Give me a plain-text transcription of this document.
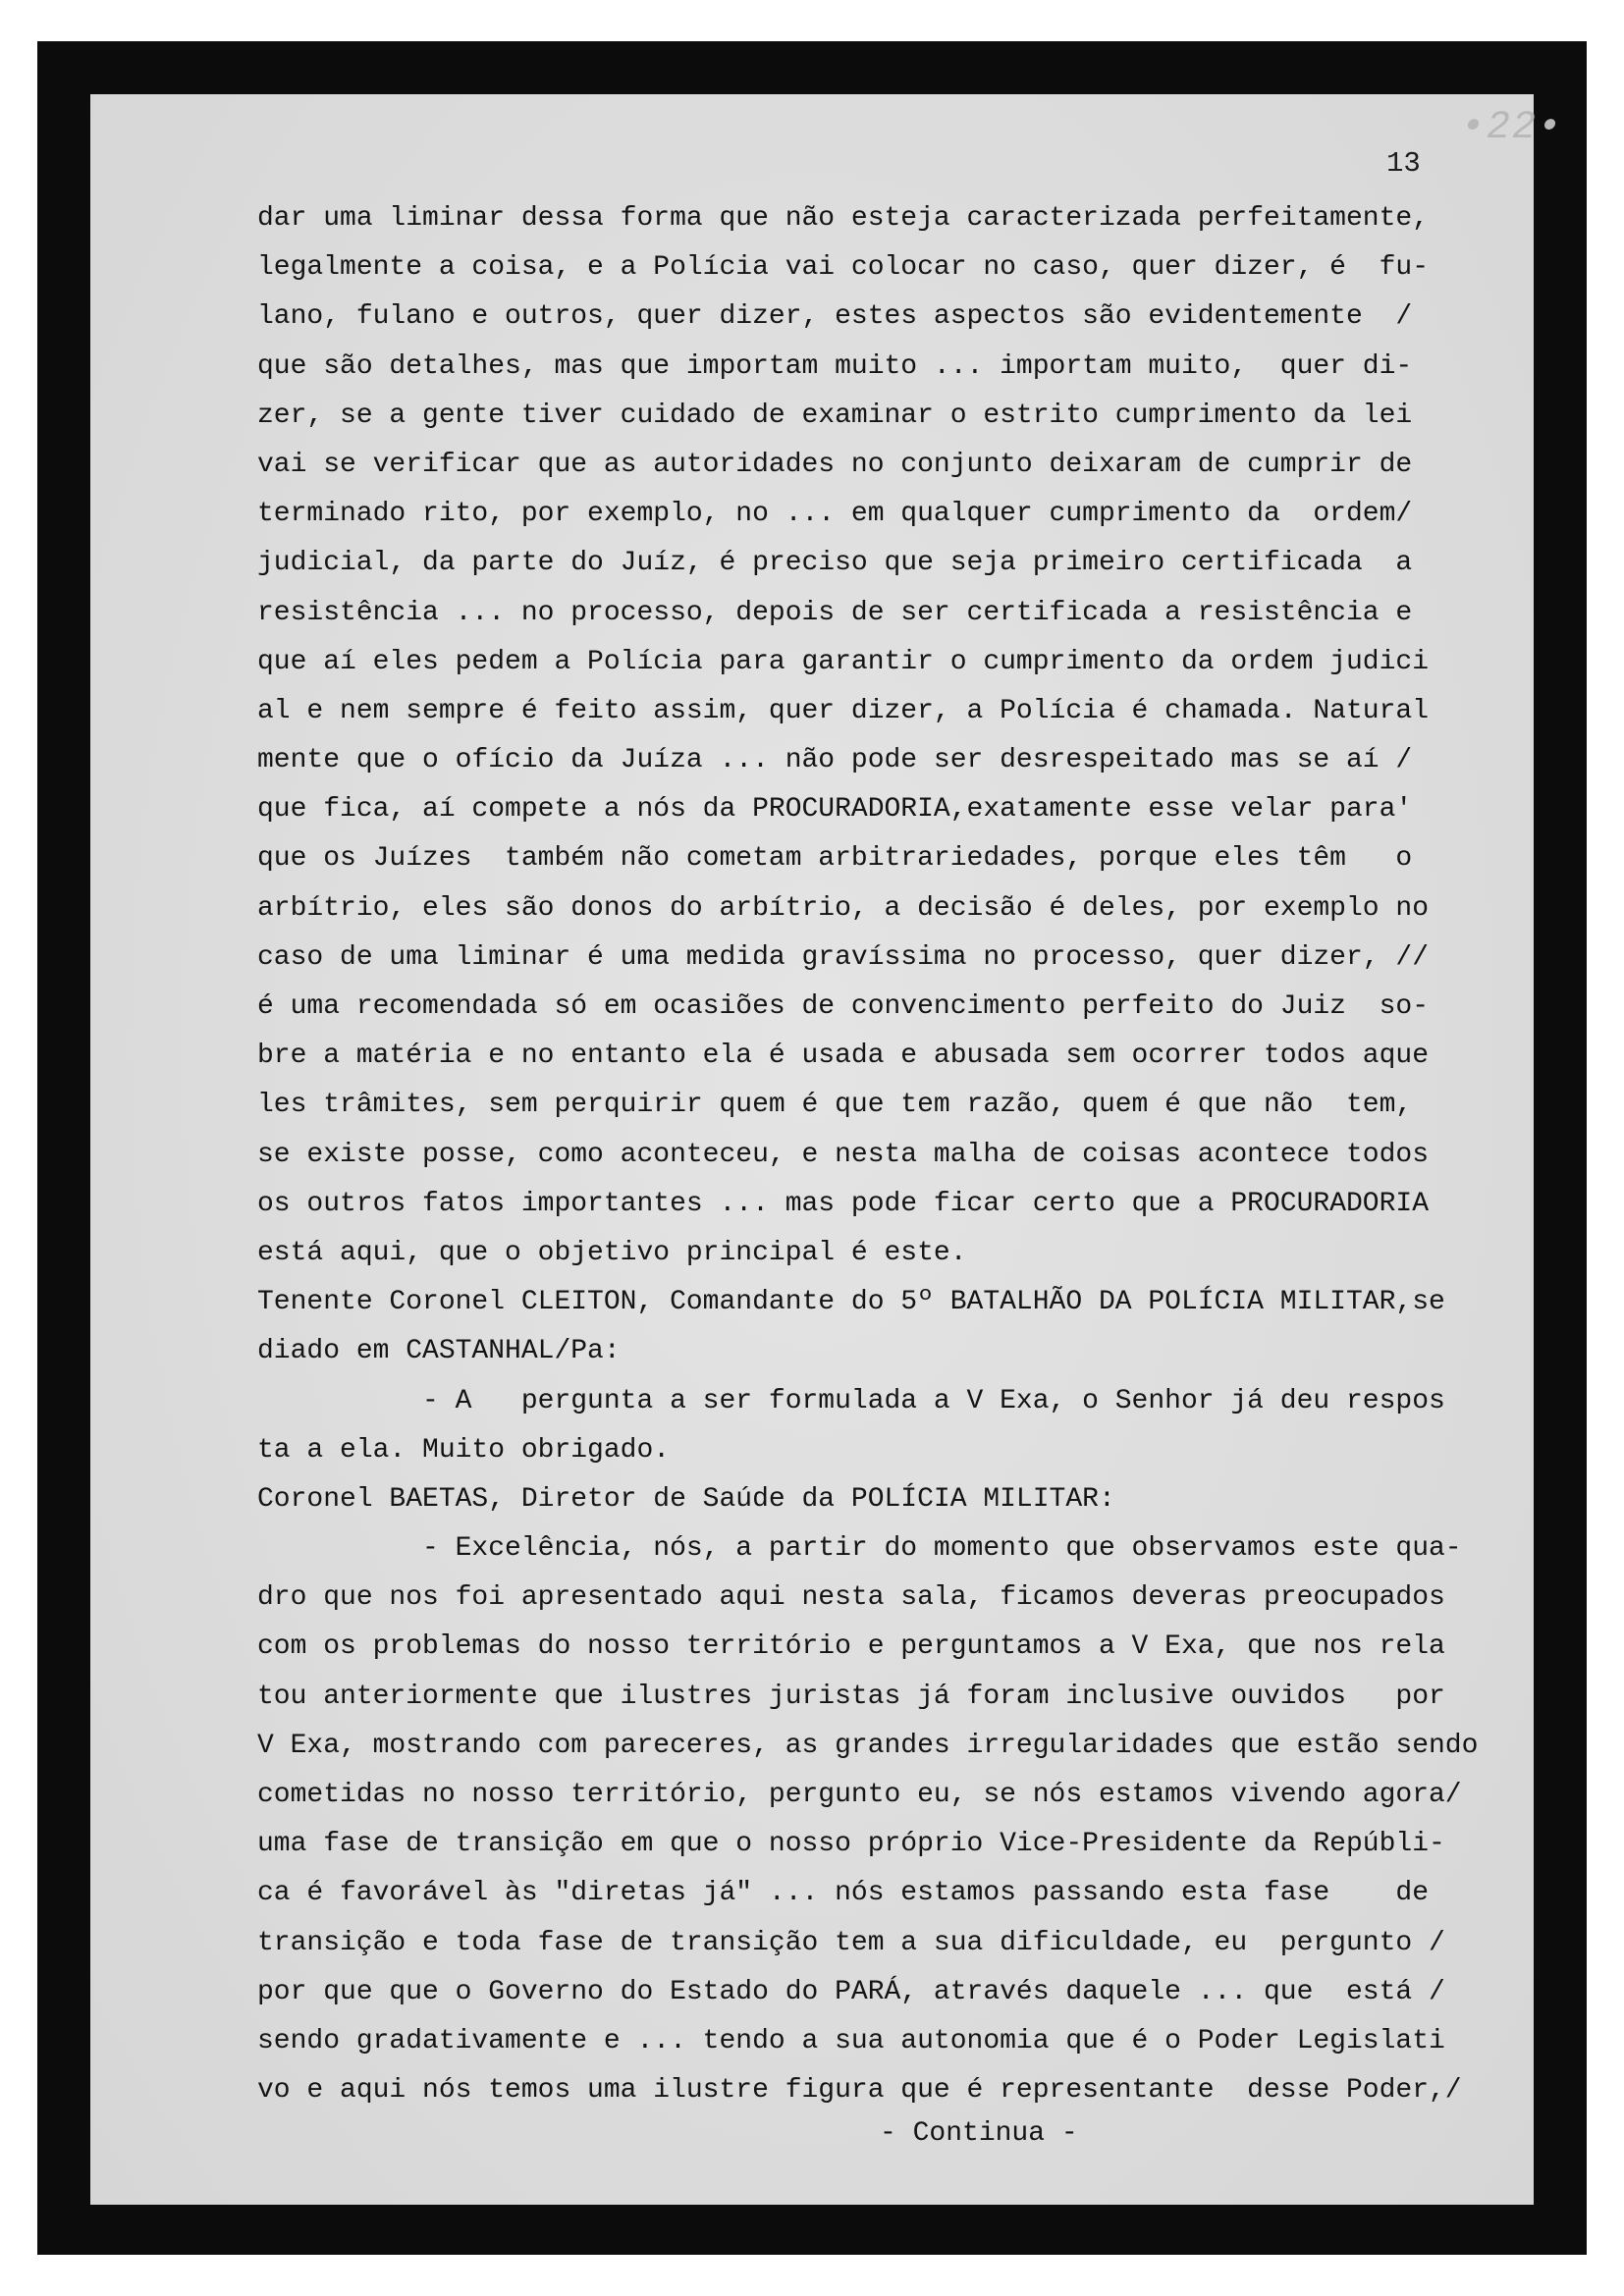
•22•
13
dar uma liminar dessa forma que não esteja caracterizada perfeitamente,
legalmente a coisa, e a Polícia vai colocar no caso, quer dizer, é  fu-
lano, fulano e outros, quer dizer, estes aspectos são evidentemente  /
que são detalhes, mas que importam muito ... importam muito,  quer di-
zer, se a gente tiver cuidado de examinar o estrito cumprimento da lei
vai se verificar que as autoridades no conjunto deixaram de cumprir de
terminado rito, por exemplo, no ... em qualquer cumprimento da  ordem/
judicial, da parte do Juíz, é preciso que seja primeiro certificada  a
resistência ... no processo, depois de ser certificada a resistência e
que aí eles pedem a Polícia para garantir o cumprimento da ordem judici
al e nem sempre é feito assim, quer dizer, a Polícia é chamada. Natural
mente que o ofício da Juíza ... não pode ser desrespeitado mas se aí /
que fica, aí compete a nós da PROCURADORIA,exatamente esse velar para'
que os Juízes  também não cometam arbitrariedades, porque eles têm   o
arbítrio, eles são donos do arbítrio, a decisão é deles, por exemplo no
caso de uma liminar é uma medida gravíssima no processo, quer dizer, //
é uma recomendada só em ocasiões de convencimento perfeito do Juiz  so-
bre a matéria e no entanto ela é usada e abusada sem ocorrer todos aque
les trâmites, sem perquirir quem é que tem razão, quem é que não  tem,
se existe posse, como aconteceu, e nesta malha de coisas acontece todos
os outros fatos importantes ... mas pode ficar certo que a PROCURADORIA
está aqui, que o objetivo principal é este.
Tenente Coronel CLEITON, Comandante do 5º BATALHÃO DA POLÍCIA MILITAR,se
diado em CASTANHAL/Pa:
- A   pergunta a ser formulada a V Exa, o Senhor já deu respos
ta a ela. Muito obrigado.
Coronel BAETAS, Diretor de Saúde da POLÍCIA MILITAR:
- Excelência, nós, a partir do momento que observamos este qua-
dro que nos foi apresentado aqui nesta sala, ficamos deveras preocupados
com os problemas do nosso território e perguntamos a V Exa, que nos rela
tou anteriormente que ilustres juristas já foram inclusive ouvidos   por
V Exa, mostrando com pareceres, as grandes irregularidades que estão sendo
cometidas no nosso território, pergunto eu, se nós estamos vivendo agora/
uma fase de transição em que o nosso próprio Vice-Presidente da Repúbli-
ca é favorável às "diretas já" ... nós estamos passando esta fase    de
transição e toda fase de transição tem a sua dificuldade, eu  pergunto /
por que que o Governo do Estado do PARÁ, através daquele ... que  está /
sendo gradativamente e ... tendo a sua autonomia que é o Poder Legislati
vo e aqui nós temos uma ilustre figura que é representante  desse Poder,/
- Continua -
